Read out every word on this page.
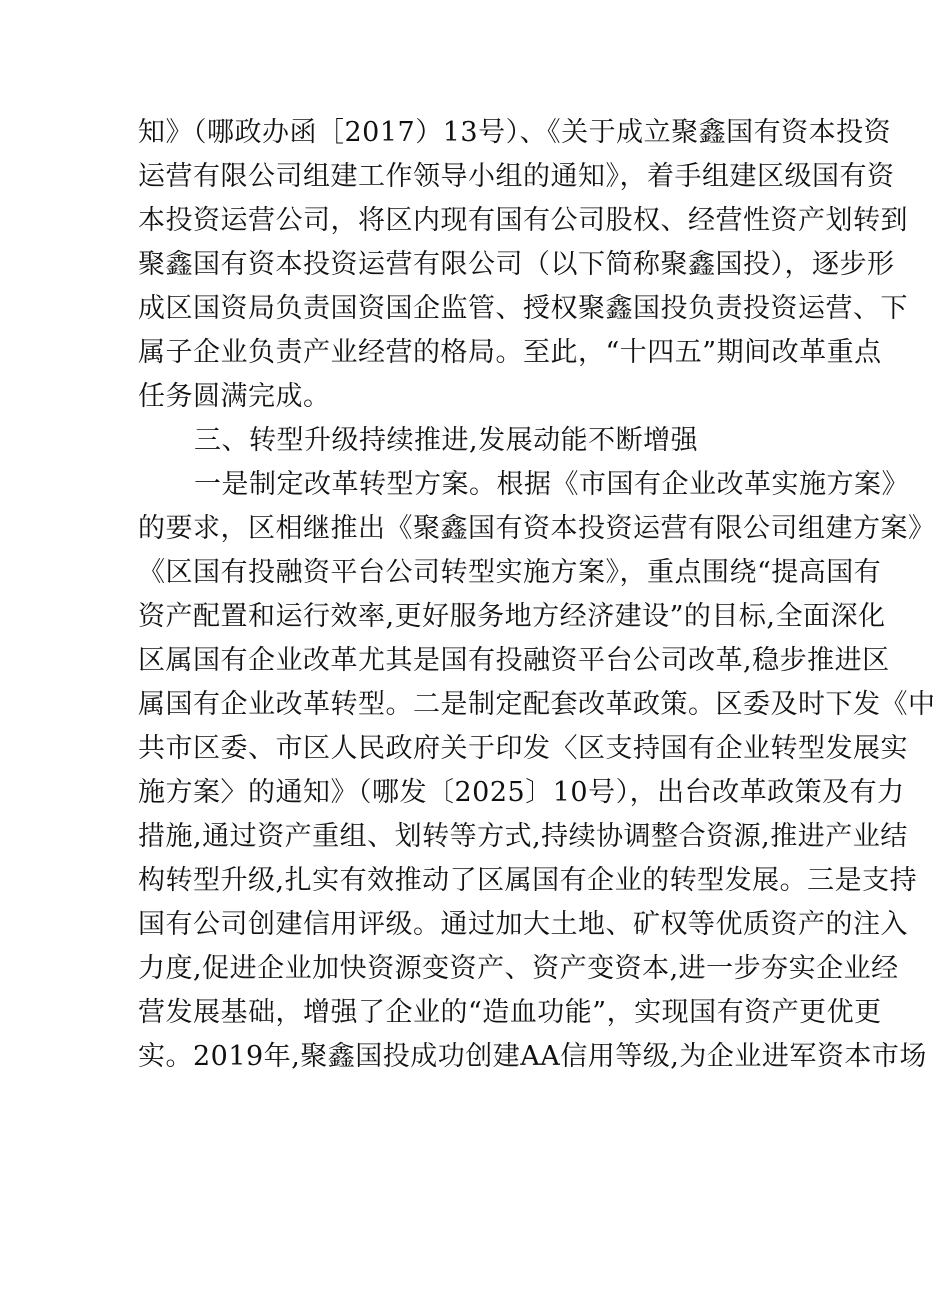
知》（哪政办函［2017）13号）、《关于成立聚鑫国有资本投资
运营有限公司组建工作领导小组的通知》，着手组建区级国有资
本投资运营公司，将区内现有国有公司股权、经营性资产划转到
聚鑫国有资本投资运营有限公司（以下简称聚鑫国投），逐步形
成区国资局负责国资国企监管、授权聚鑫国投负责投资运营、下
属子企业负责产业经营的格局。至此，“十四五”期间改革重点
任务圆满完成。
三、转型升级持续推进,发展动能不断增强
一是制定改革转型方案。根据《市国有企业改革实施方案》
的要求，区相继推出《聚鑫国有资本投资运营有限公司组建方案》
《区国有投融资平台公司转型实施方案》，重点围绕“提高国有
资产配置和运行效率,更好服务地方经济建设”的目标,全面深化
区属国有企业改革尤其是国有投融资平台公司改革,稳步推进区
属国有企业改革转型。二是制定配套改革政策。区委及时下发《中
共市区委、市区人民政府关于印发〈区支持国有企业转型发展实
施方案〉的通知》（哪发〔2025〕10号），出台改革政策及有力
措施,通过资产重组、划转等方式,持续协调整合资源,推进产业结
构转型升级,扎实有效推动了区属国有企业的转型发展。三是支持
国有公司创建信用评级。通过加大土地、矿权等优质资产的注入
力度,促进企业加快资源变资产、资产变资本,进一步夯实企业经
营发展基础，增强了企业的“造血功能”，实现国有资产更优更
实。2019年,聚鑫国投成功创建AA信用等级,为企业进军资本市场
